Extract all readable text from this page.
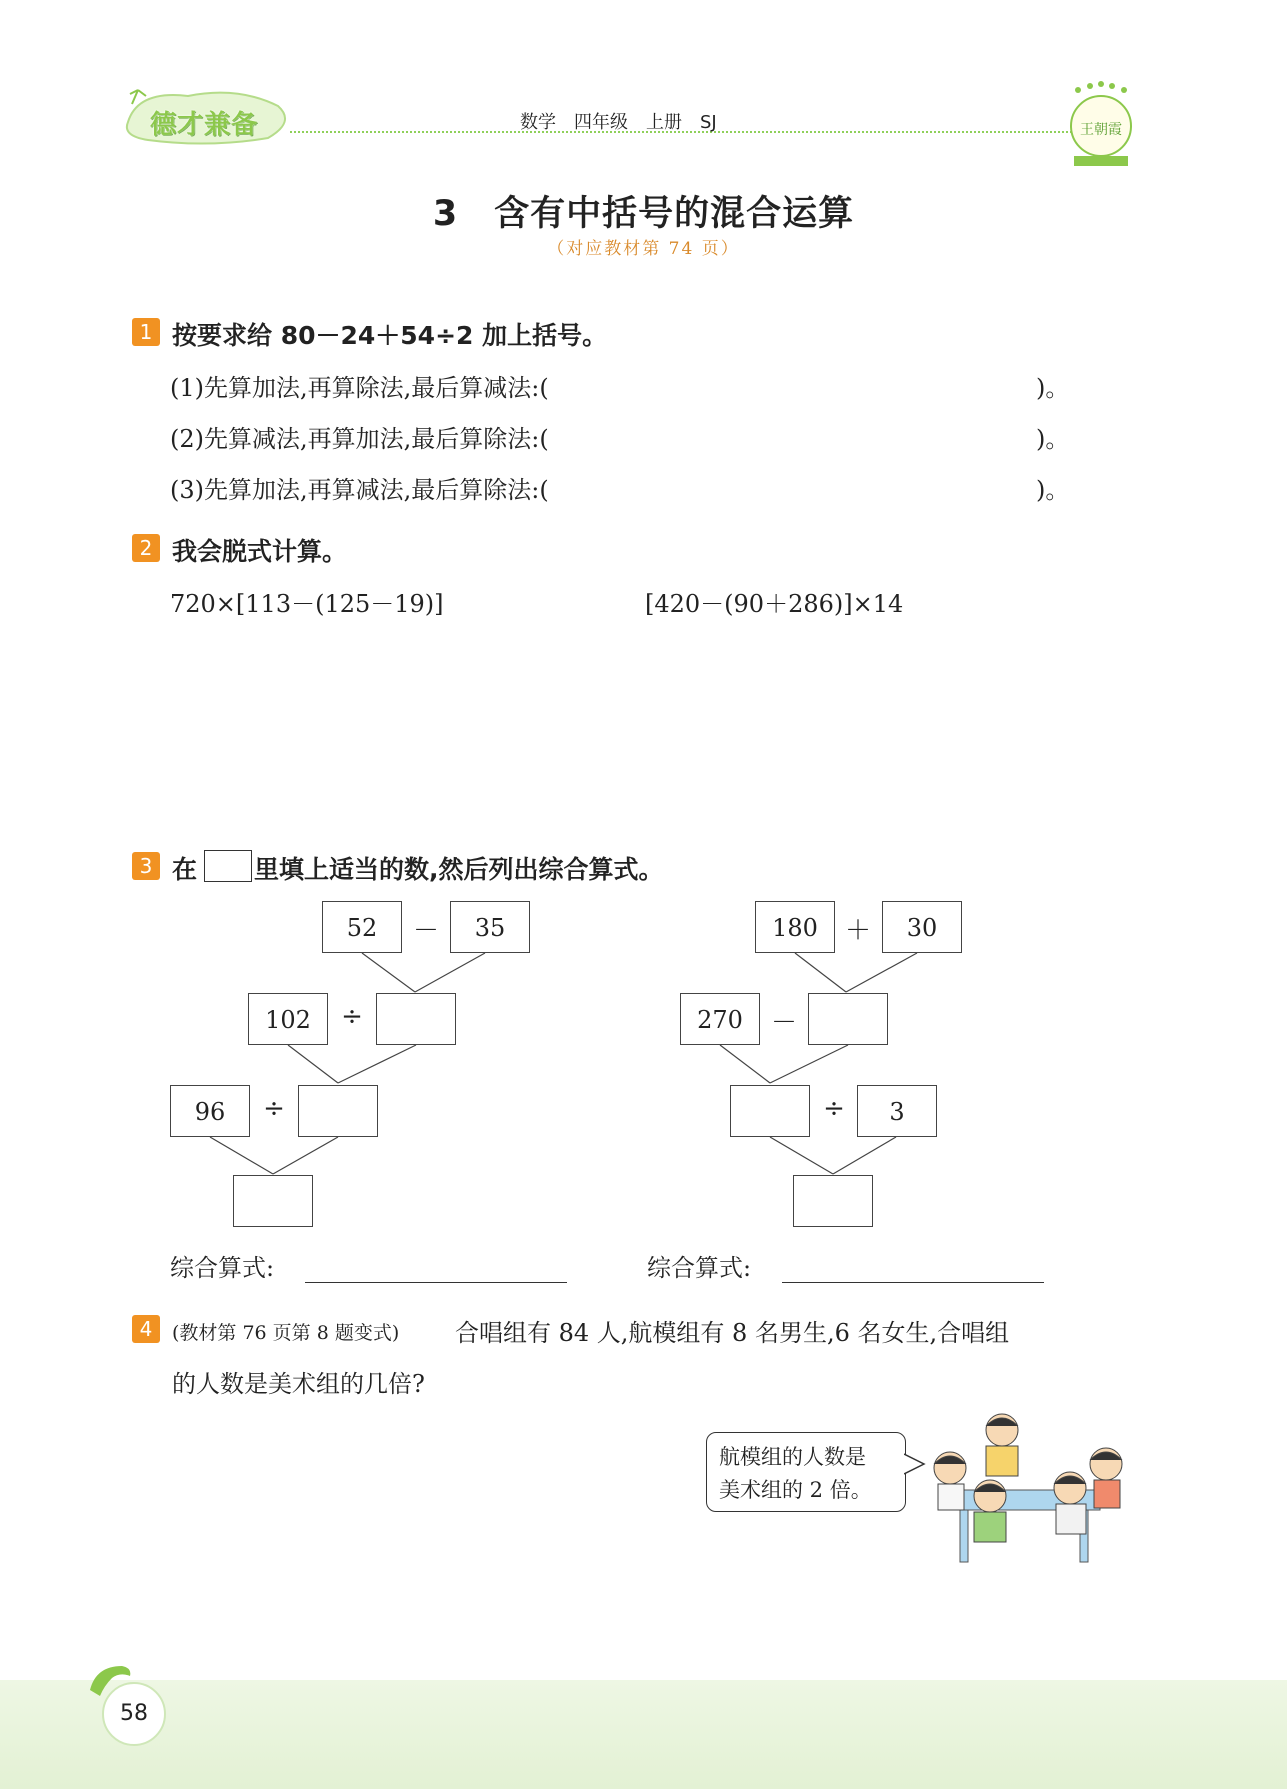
德才兼备	数学　四年级　上册　SJ	王朝霞
3　含有中括号的混合运算
（对应教材第 74 页）
1 按要求给 80－24＋54÷2 加上括号。
(1)先算加法,再算除法,最后算减法:(	)。
(2)先算减法,再算加法,最后算除法:(	)。
(3)先算加法,再算减法,最后算除法:(	)。
2 我会脱式计算。
720×[113－(125－19)]	[420－(90＋286)]×14
3 在 里填上适当的数,然后列出综合算式。
52	－	35
102	÷
96	÷
180	＋	30
270	－
÷	3
综合算式:	综合算式:
4	(教材第 76 页第 8 题变式) 合唱组有 84 人,航模组有 8 名男生,6 名女生,合唱组
的人数是美术组的几倍?
航模组的人数是
美术组的 2 倍。
58
